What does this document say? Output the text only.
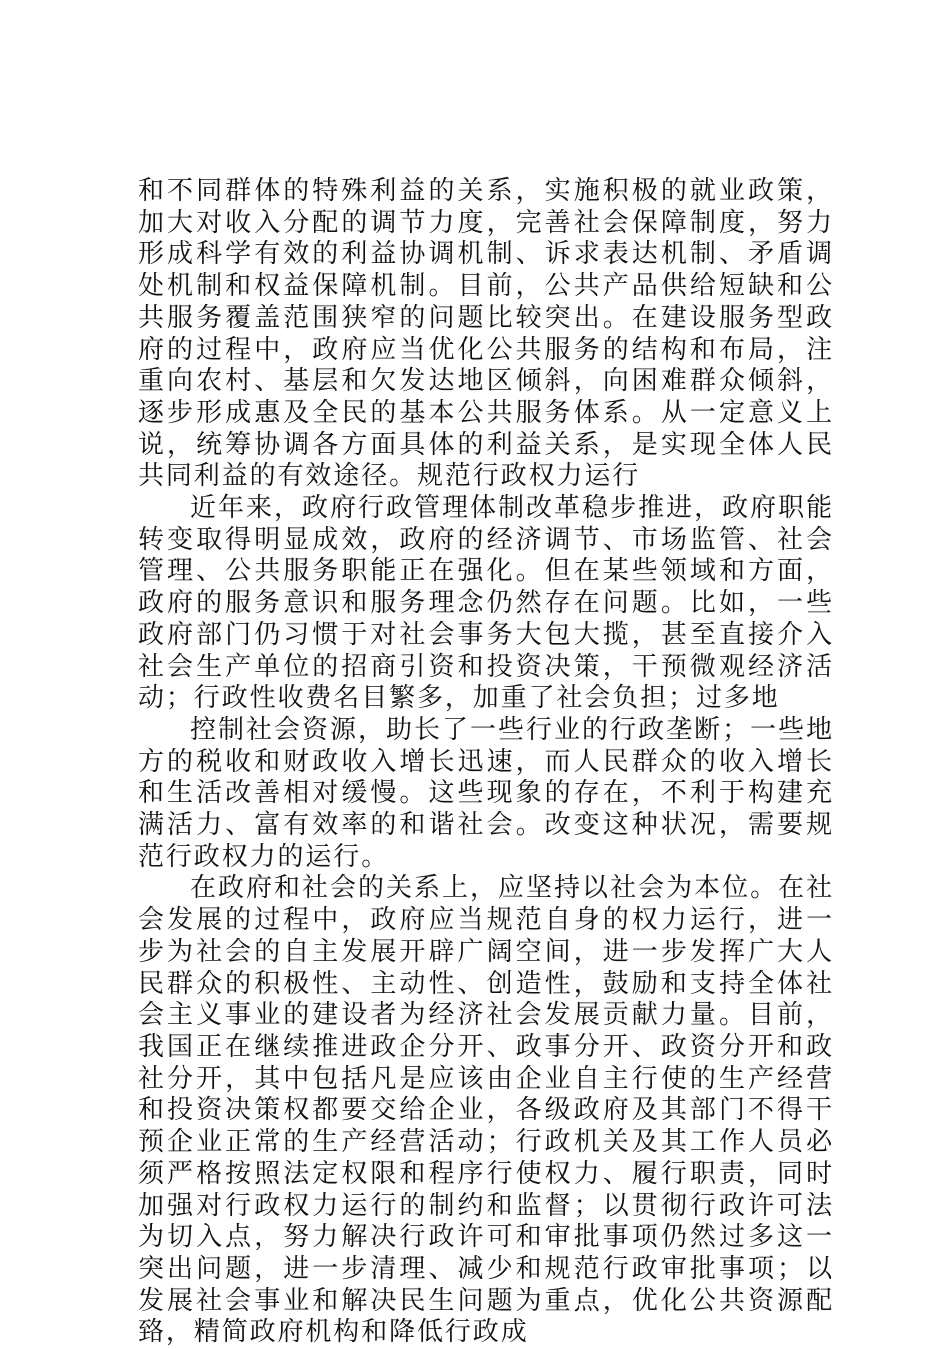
和不同群体的特殊利益的关系，实施积极的就业政策，加大对收入分配的调节力度，完善社会保障制度，努力形成科学有效的利益协调机制、诉求表达机制、矛盾调处机制和权益保障机制。目前，公共产品供给短缺和公共服务覆盖范围狭窄的问题比较突出。在建设服务型政府的过程中，政府应当优化公共服务的结构和布局，注重向农村、基层和欠发达地区倾斜，向困难群众倾斜，逐步形成惠及全民的基本公共服务体系。从一定意义上说，统筹协调各方面具体的利益关系，是实现全体人民共同利益的有效途径。规范行政权力运行

近年来，政府行政管理体制改革稳步推进，政府职能转变取得明显成效，政府的经济调节、市场监管、社会管理、公共服务职能正在强化。但在某些领域和方面，政府的服务意识和服务理念仍然存在问题。比如，一些政府部门仍习惯于对社会事务大包大揽，甚至直接介入社会生产单位的招商引资和投资决策，干预微观经济活动；行政性收费名目繁多，加重了社会负担；过多地

控制社会资源，助长了一些行业的行政垄断；一些地方的税收和财政收入增长迅速，而人民群众的收入增长和生活改善相对缓慢。这些现象的存在，不利于构建充满活力、富有效率的和谐社会。改变这种状况，需要规范行政权力的运行。

在政府和社会的关系上，应坚持以社会为本位。在社会发展的过程中，政府应当规范自身的权力运行，进一步为社会的自主发展开辟广阔空间，进一步发挥广大人民群众的积极性、主动性、创造性，鼓励和支持全体社会主义事业的建设者为经济社会发展贡献力量。目前，我国正在继续推进政企分开、政事分开、政资分开和政社分开，其中包括凡是应该由企业自主行使的生产经营和投资决策权都要交给企业，各级政府及其部门不得干预企业正常的生产经营活动；行政机关及其工作人员必须严格按照法定权限和程序行使权力、履行职责，同时加强对行政权力运行的制约和监督；以贯彻行政许可法为切入点，努力解决行政许可和审批事项仍然过多这一突出问题，进一步清理、减少和规范行政审批事项；以发展社会事业和解决民生问题为重点，优化公共资源配臵，精简政府机构和降低行政成
